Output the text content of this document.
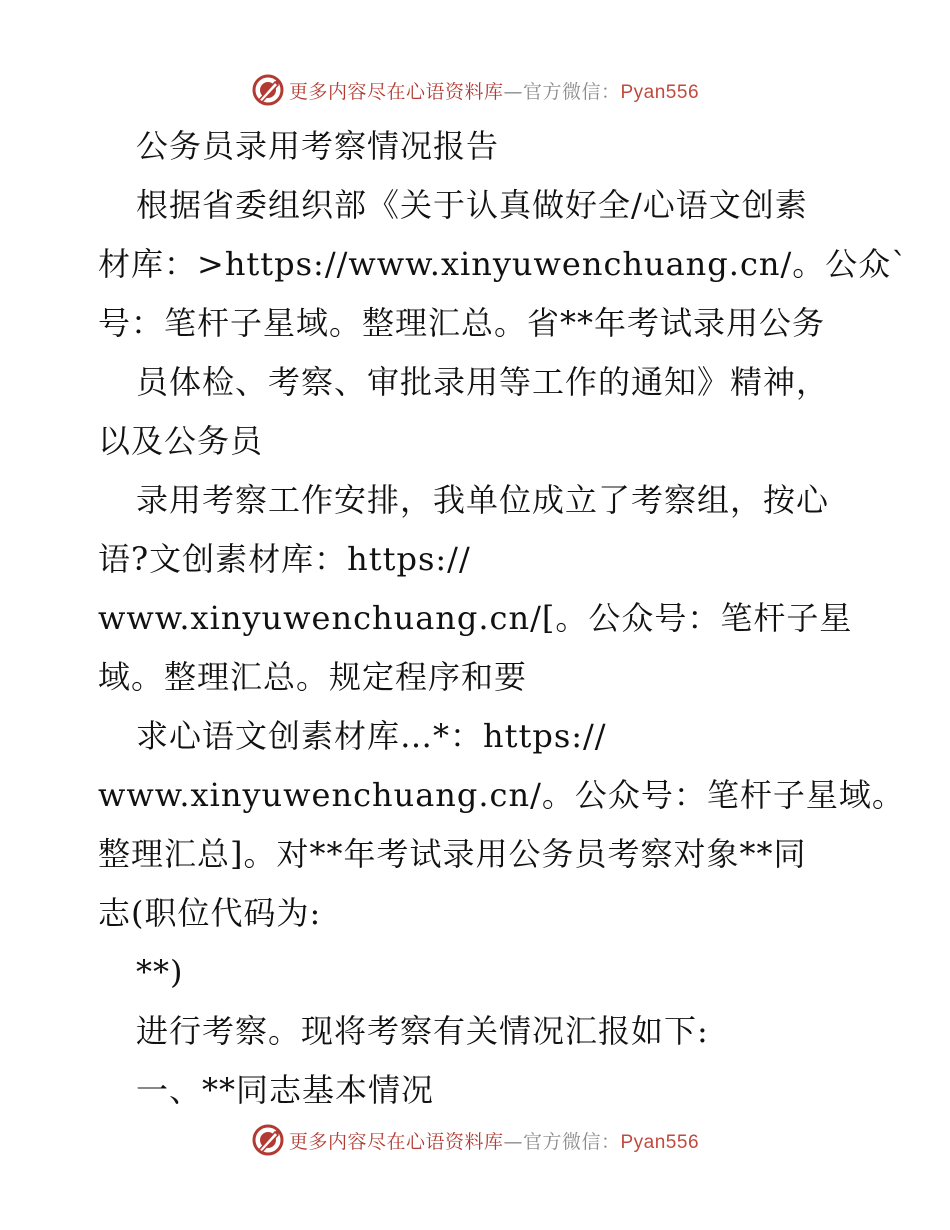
更多内容尽在心语资料库—官方微信：Pyan556
公务员录用考察情况报告
根据省委组织部《关于认真做好全/心语文创素
材库：>https://www.xinyuwenchuang.cn/。公众`
号：笔杆子星域。整理汇总。省**年考试录用公务
员体检、考察、审批录用等工作的通知》精神，
以及公务员
录用考察工作安排，我单位成立了考察组，按心
语?文创素材库：https://
www.xinyuwenchuang.cn/[。公众号：笔杆子星
域。整理汇总。规定程序和要
求心语文创素材库…*：https://
www.xinyuwenchuang.cn/。公众号：笔杆子星域。
整理汇总]。对**年考试录用公务员考察对象**同
志(职位代码为:
**)
进行考察。现将考察有关情况汇报如下:
一、**同志基本情况
更多内容尽在心语资料库—官方微信：Pyan556
